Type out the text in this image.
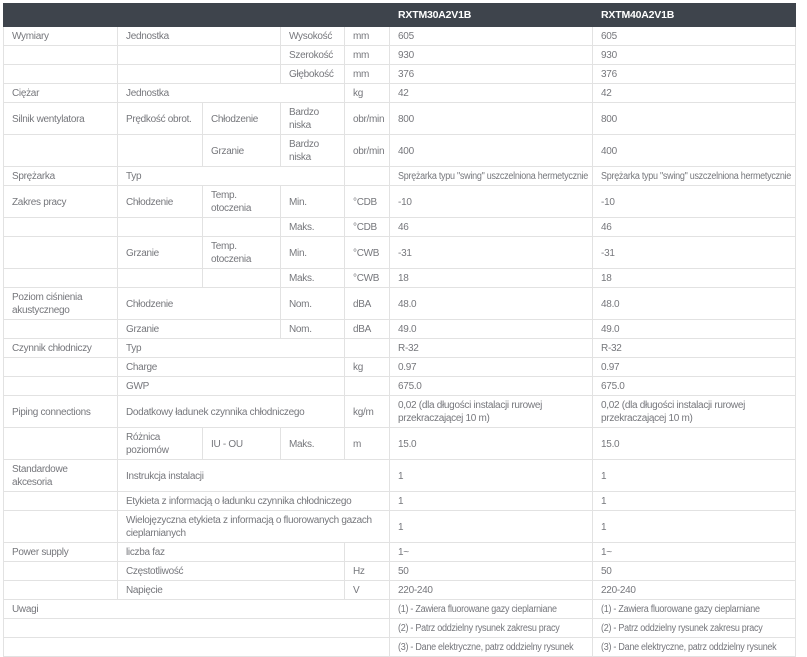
					RXTM30A2V1B	RXTM40A2V1B
Wymiary	Jednostka		Wysokość	mm	605	605
			Szerokość	mm	930	930
			Głębokość	mm	376	376
Ciężar	Jednostka			kg	42	42
Silnik wentylatora	Prędkość obrot.	Chłodzenie	Bardzo niska	obr/min	800	800
		Grzanie	Bardzo niska	obr/min	400	400
Sprężarka	Typ				Sprężarka typu "swing" uszczelniona hermetycznie	Sprężarka typu "swing" uszczelniona hermetycznie
Zakres pracy	Chłodzenie	Temp. otoczenia	Min.	°CDB	-10	-10
			Maks.	°CDB	46	46
	Grzanie	Temp. otoczenia	Min.	°CWB	-31	-31
			Maks.	°CWB	18	18
Poziom ciśnienia akustycznego	Chłodzenie		Nom.	dBA	48.0	48.0
	Grzanie		Nom.	dBA	49.0	49.0
Czynnik chłodniczy	Typ				R-32	R-32
	Charge			kg	0.97	0.97
	GWP				675.0	675.0
Piping connections	Dodatkowy ładunek czynnika chłodniczego			kg/m	0,02 (dla długości instalacji rurowej przekraczającej 10 m)	0,02 (dla długości instalacji rurowej przekraczającej 10 m)
	Różnica poziomów	IU - OU	Maks.	m	15.0	15.0
Standardowe akcesoria	Instrukcja instalacji				1	1
	Etykieta z informacją o ładunku czynnika chłodniczego				1	1
	Wielojęzyczna etykieta z informacją o fluorowanych gazach cieplarnianych				1	1
Power supply	liczba faz				1~	1~
	Częstotliwość			Hz	50	50
	Napięcie			V	220-240	220-240
Uwagi					(1) - Zawiera fluorowane gazy cieplarniane	(1) - Zawiera fluorowane gazy cieplarniane
					(2) - Patrz oddzielny rysunek zakresu pracy	(2) - Patrz oddzielny rysunek zakresu pracy
					(3) - Dane elektryczne, patrz oddzielny rysunek	(3) - Dane elektryczne, patrz oddzielny rysunek
